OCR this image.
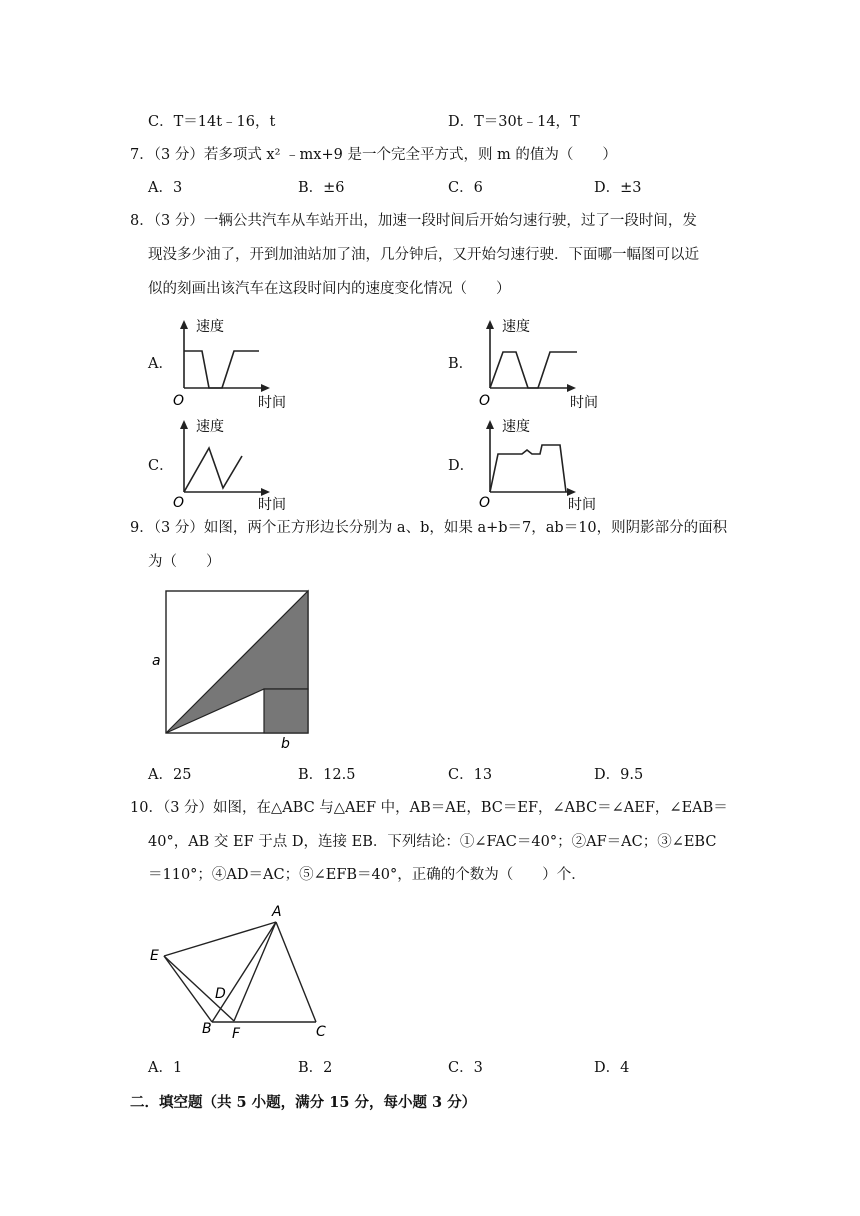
C．T＝14t﹣16，t	D．T＝30t﹣14，T
7．（3 分）若多项式 x² ﹣mx+9 是一个完全平方式，则 m 的值为（　　）
A．3	B．±6	C．6	D．±3
8．（3 分）一辆公共汽车从车站开出，加速一段时间后开始匀速行驶，过了一段时间，发
现没多少油了，开到加油站加了油，几分钟后，又开始匀速行驶．下面哪一幅图可以近
似的刻画出该汽车在这段时间内的速度变化情况（　　）
A．	B．
C．	D．
速度
时间
O
速度
时间
O
速度
时间
O
速度
时间
O
9．（3 分）如图，两个正方形边长分别为 a、b，如果 a+b＝7，ab＝10，则阴影部分的面积
为（　　）
a
b
A．25	B．12.5	C．13	D．9.5
10．（3 分）如图，在△ABC 与△AEF 中，AB＝AE，BC＝EF，∠ABC＝∠AEF，∠EAB＝
40°，AB 交 EF 于点 D，连接 EB．下列结论：①∠FAC＝40°；②AF＝AC；③∠EBC
＝110°；④AD＝AC；⑤∠EFB＝40°，正确的个数为（　　）个．
A
E
D
B F	C
A．1	B．2	C．3	D．4
二．填空题（共 5 小题，满分 15 分，每小题 3 分）
